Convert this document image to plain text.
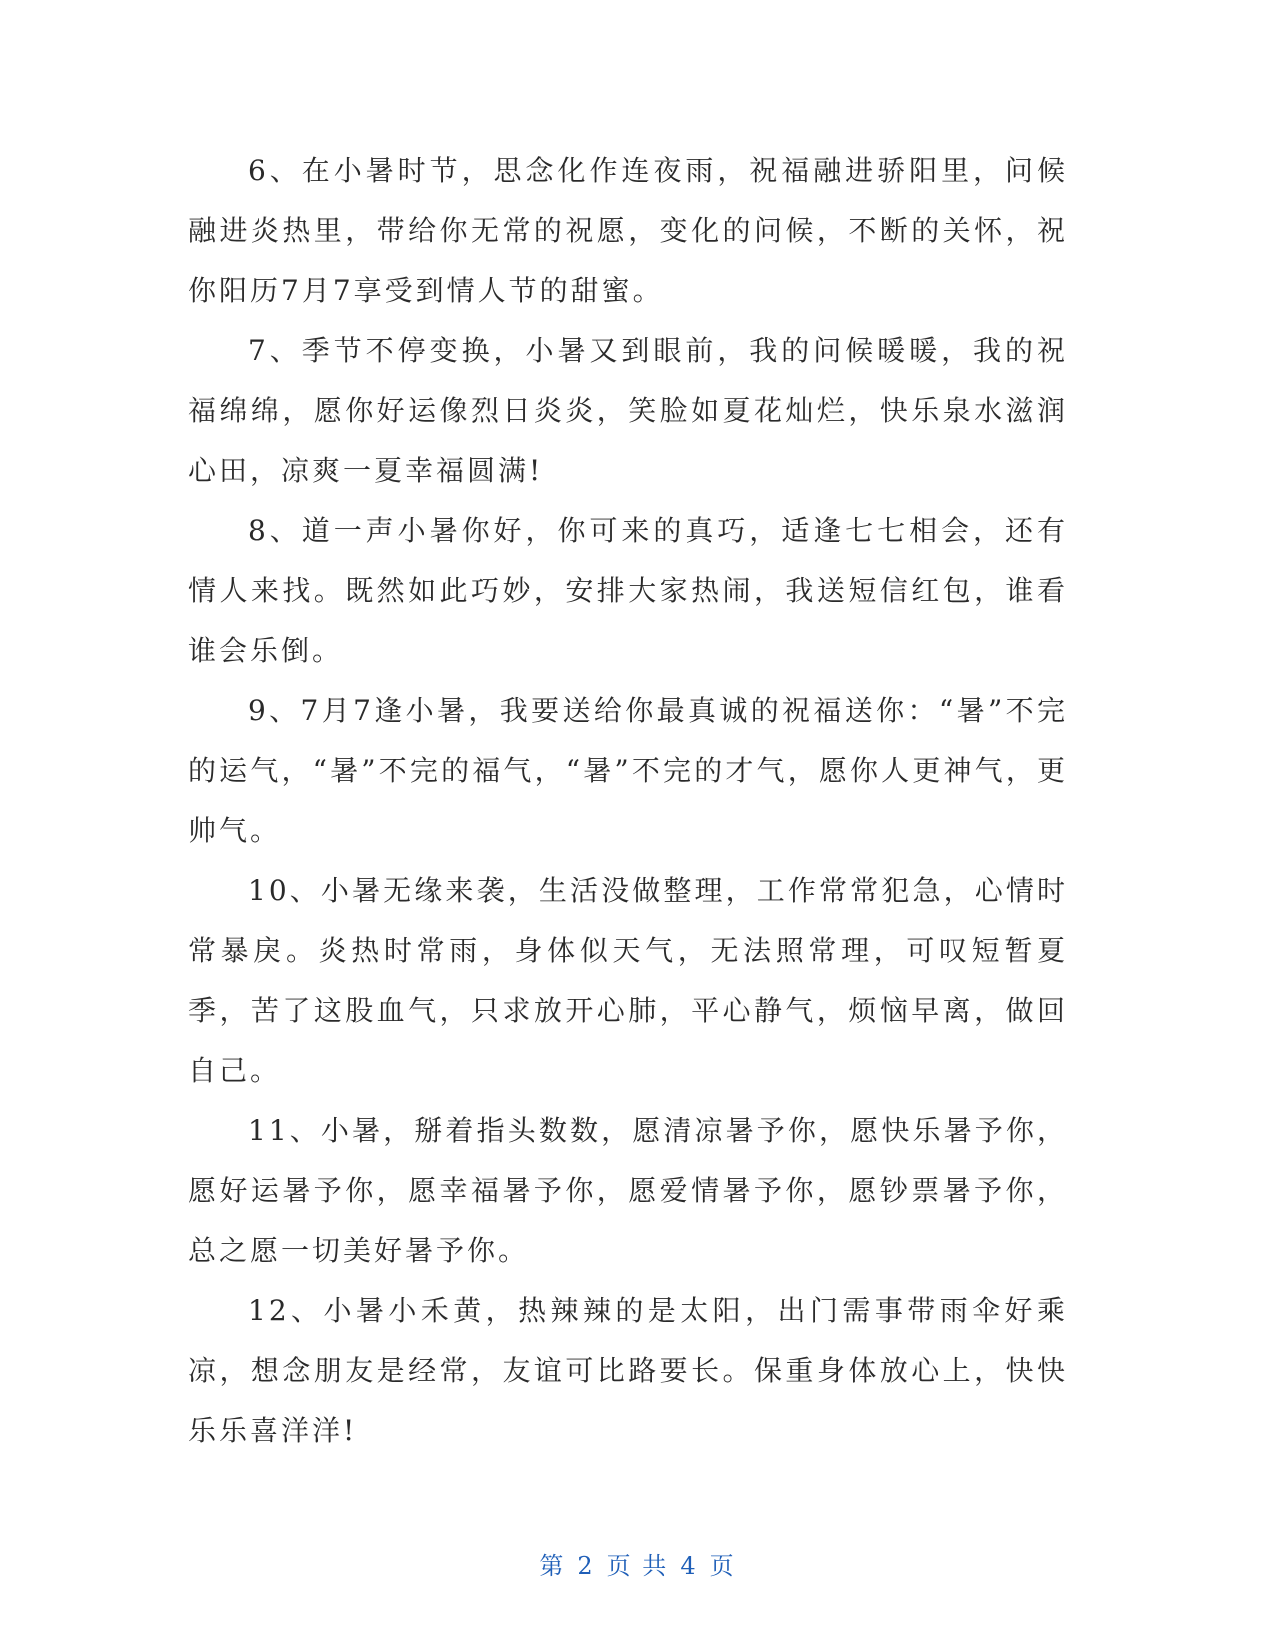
6、在小暑时节，思念化作连夜雨，祝福融进骄阳里，问候融进炎热里，带给你无常的祝愿，变化的问候，不断的关怀，祝你阳历7月7享受到情人节的甜蜜。

7、季节不停变换，小暑又到眼前，我的问候暖暖，我的祝福绵绵，愿你好运像烈日炎炎，笑脸如夏花灿烂，快乐泉水滋润心田，凉爽一夏幸福圆满!

8、道一声小暑你好，你可来的真巧，适逢七七相会，还有情人来找。既然如此巧妙，安排大家热闹，我送短信红包，谁看谁会乐倒。

9、7月7逢小暑，我要送给你最真诚的祝福送你：“暑”不完的运气，“暑”不完的福气，“暑”不完的才气，愿你人更神气，更帅气。

10、小暑无缘来袭，生活没做整理，工作常常犯急，心情时常暴戾。炎热时常雨，身体似天气，无法照常理，可叹短暂夏季，苦了这股血气，只求放开心肺，平心静气，烦恼早离，做回自己。

11、小暑，掰着指头数数，愿清凉暑予你，愿快乐暑予你，愿好运暑予你，愿幸福暑予你，愿爱情暑予你，愿钞票暑予你，总之愿一切美好暑予你。

12、小暑小禾黄，热辣辣的是太阳，出门需事带雨伞好乘凉，想念朋友是经常，友谊可比路要长。保重身体放心上，快快乐乐喜洋洋!

第 2 页 共 4 页
